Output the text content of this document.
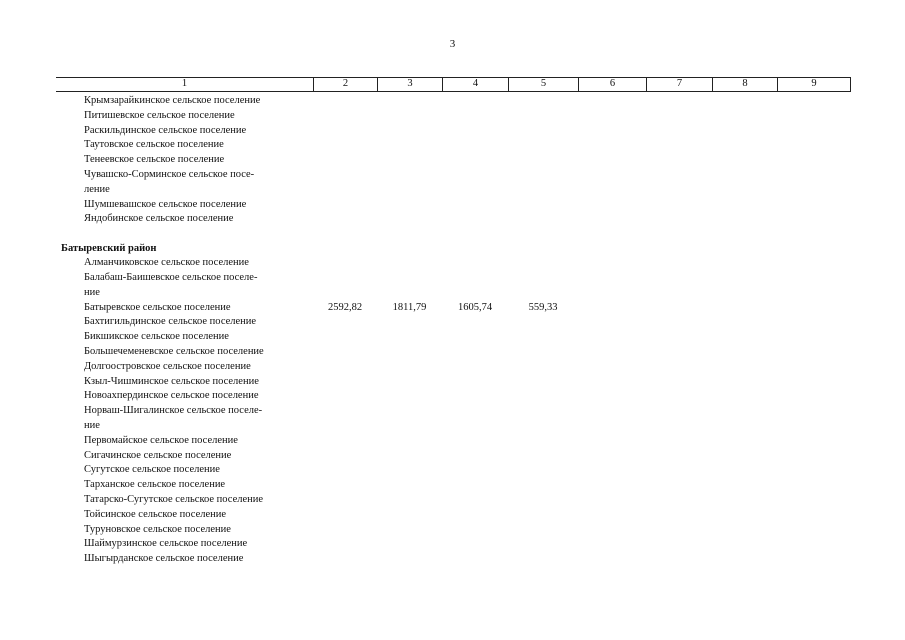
3
1	2	3	4	5	6	7	8	9
Крымзарайкинское сельское поселение
Питишевское сельское поселение
Раскильдинское сельское поселение
Таутовское сельское поселение
Тенеевское сельское поселение
Чувашско-Сорминское сельское посе-
ление
Шумшевашское сельское поселение
Яндобинское сельское поселение
Батыревский район
Алманчиковское сельское поселение
Балабаш-Баишевское сельское поселе-
ние
Батыревское сельское поселение	2592,82	1811,79	1605,74	559,33
Бахтигильдинское сельское поселение
Бикшикское сельское поселение
Большечеменевское сельское поселение
Долгоостровское сельское поселение
Кзыл-Чишминское сельское поселение
Новоахпердинское сельское поселение
Норваш-Шигалинское сельское поселе-
ние
Первомайское сельское поселение
Сигачинское сельское поселение
Сугутское сельское поселение
Тарханское сельское поселение
Татарско-Сугутское сельское поселение
Тойсинское сельское поселение
Туруновское сельское поселение
Шаймурзинское сельское поселение
Шыгырданское сельское поселение
